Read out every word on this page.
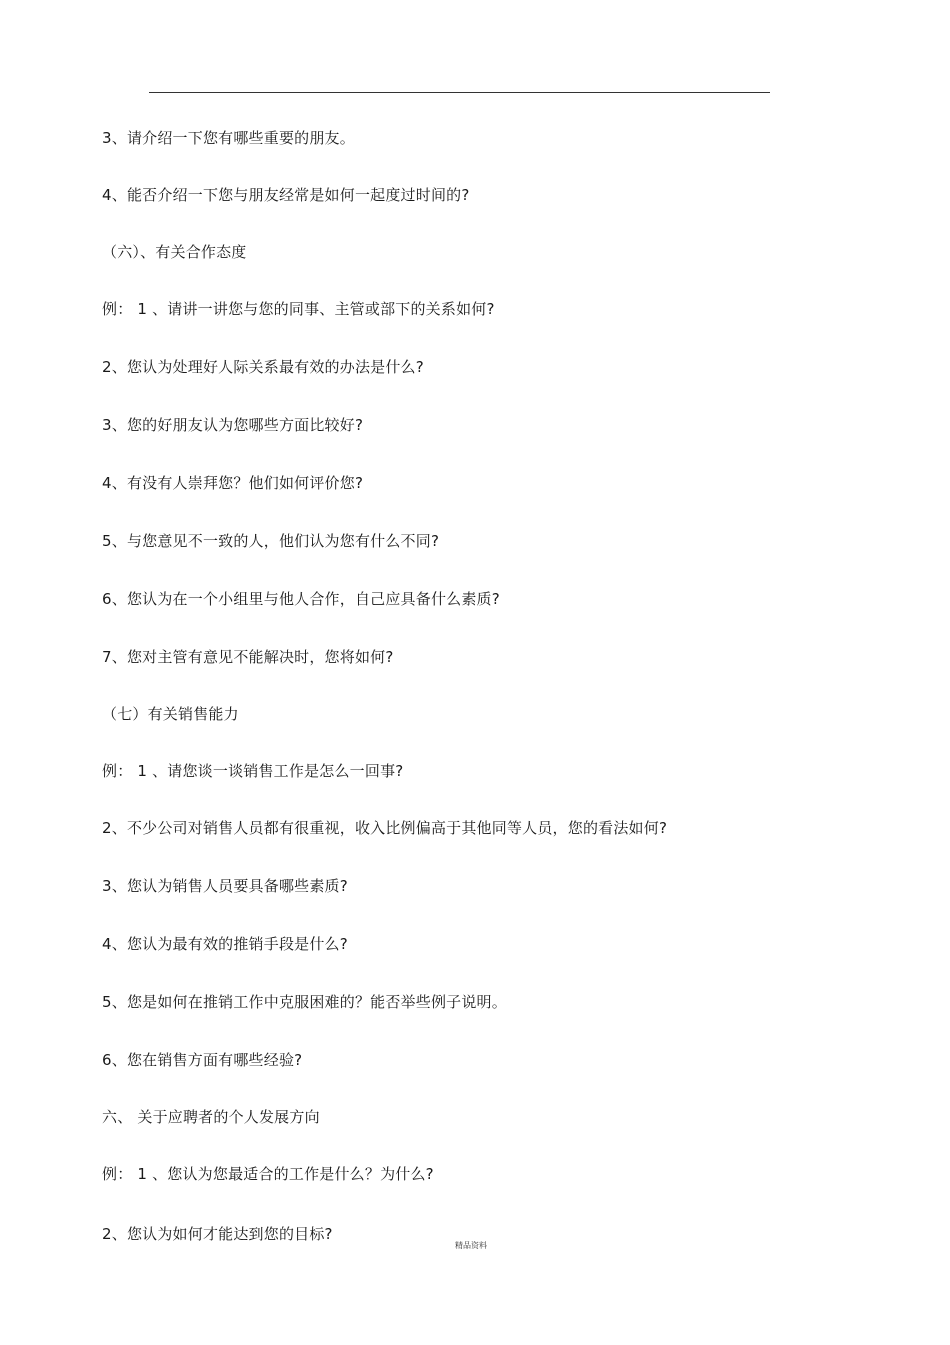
3、请介绍一下您有哪些重要的朋友。
4、能否介绍一下您与朋友经常是如何一起度过时间的?
（六）、有关合作态度
例： 1 、请讲一讲您与您的同事、主管或部下的关系如何?
2、您认为处理好人际关系最有效的办法是什么?
3、您的好朋友认为您哪些方面比较好?
4、有没有人崇拜您？他们如何评价您?
5、与您意见不一致的人，他们认为您有什么不同?
6、您认为在一个小组里与他人合作，自己应具备什么素质?
7、您对主管有意见不能解决时，您将如何?
（七）有关销售能力
例： 1 、请您谈一谈销售工作是怎么一回事?
2、不少公司对销售人员都有很重视，收入比例偏高于其他同等人员，您的看法如何?
3、您认为销售人员要具备哪些素质?
4、您认为最有效的推销手段是什么?
5、您是如何在推销工作中克服困难的？能否举些例子说明。
6、您在销售方面有哪些经验?
六、 关于应聘者的个人发展方向
例： 1 、您认为您最适合的工作是什么？为什么?
2、您认为如何才能达到您的目标?
精品资料
